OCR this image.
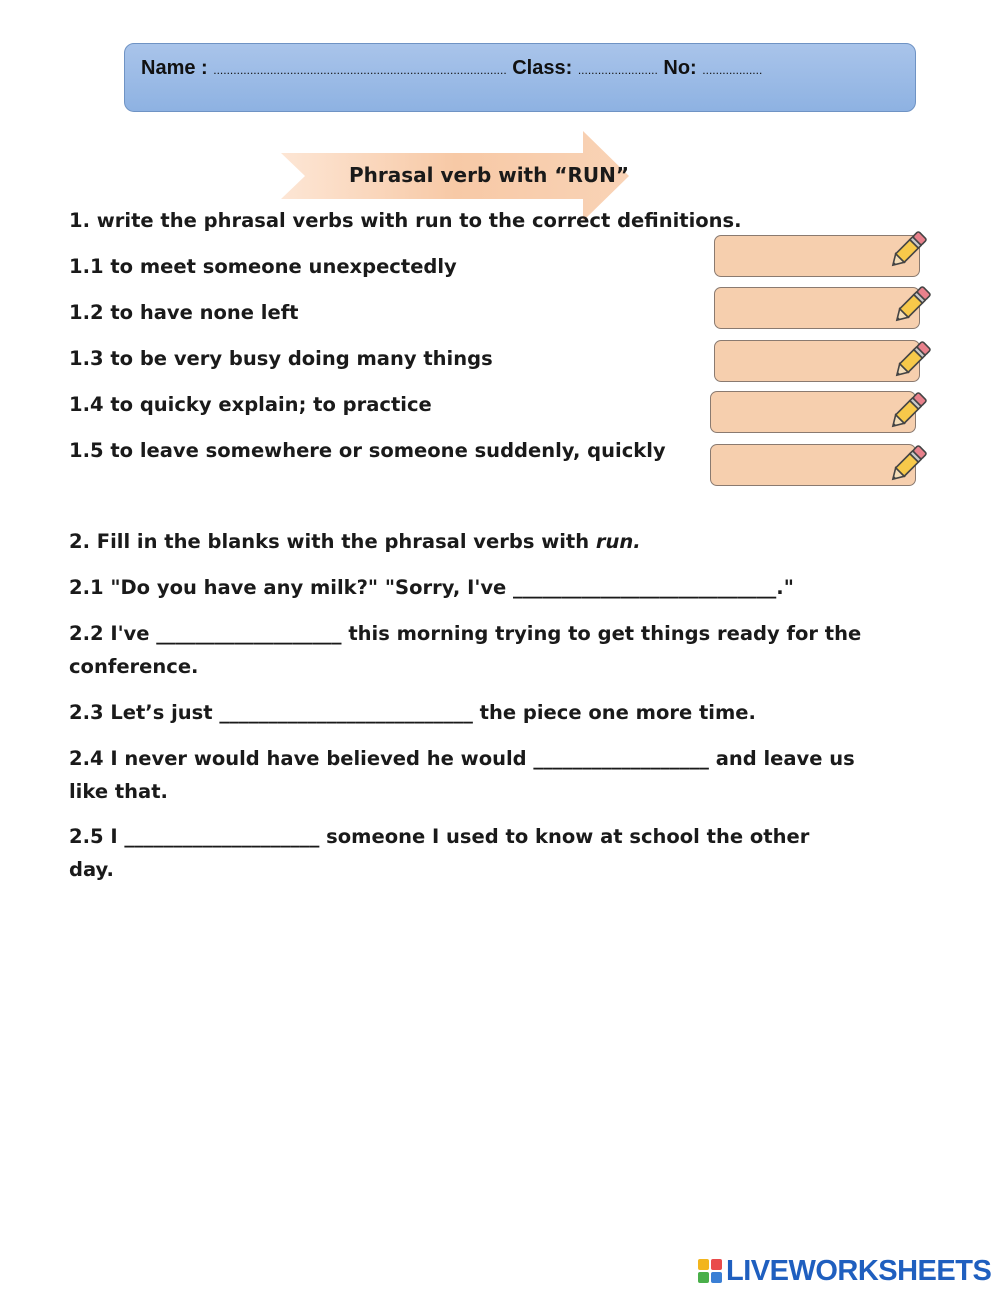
Name : ........................................................................................ Class: ........................ No: ..................
Phrasal verb with “RUN”
1. write the phrasal verbs with run to the correct definitions.
1.1 to meet someone unexpectedly
1.2 to have none left
1.3 to be very busy doing many things
1.4 to quicky explain; to practice
1.5 to leave somewhere or someone suddenly, quickly
2. Fill in the blanks with the phrasal verbs with run.
2.1 "Do you have any milk?" "Sorry, I've ___________________________."
2.2 I've ___________________ this morning trying to get things ready for the
conference.
2.3 Let’s just __________________________ the piece one more time.
2.4 I never would have believed he would __________________ and leave us
like that.
2.5 I ____________________ someone I used to know at school the other
day.
LIVEWORKSHEETS
